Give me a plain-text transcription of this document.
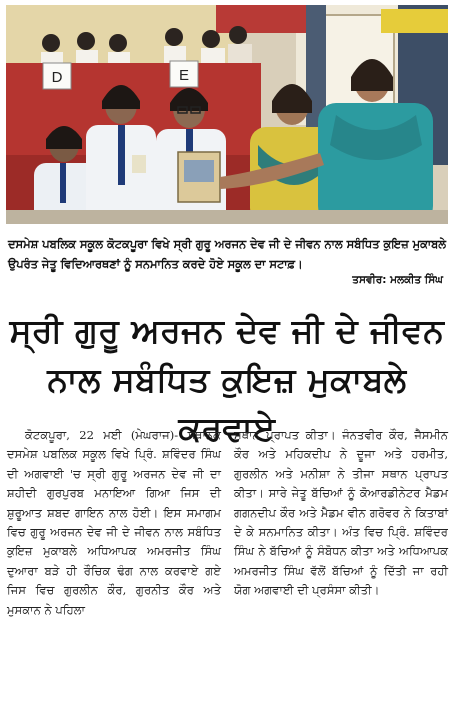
D	E
ਦਸਮੇਸ਼ ਪਬਲਿਕ ਸਕੂਲ ਕੋਟਕਪੂਰਾ ਵਿਖੇ ਸ੍ਰੀ ਗੁਰੂ ਅਰਜਨ ਦੇਵ ਜੀ ਦੇ ਜੀਵਨ ਨਾਲ ਸਬੰਧਿਤ ਕੁਇਜ਼ ਮੁਕਾਬਲੇ ਉਪਰੰਤ ਜੇਤੂ ਵਿਦਿਆਰਥਣਾਂ ਨੂੰ ਸਨਮਾਨਿਤ ਕਰਦੇ ਹੋਏ ਸਕੂਲ ਦਾ ਸਟਾਫ਼।
ਤਸਵੀਰ: ਮਲਕੀਤ ਸਿੰਘ
ਸ੍ਰੀ ਗੁਰੂ ਅਰਜਨ ਦੇਵ ਜੀ ਦੇ ਜੀਵਨ ਨਾਲ ਸਬੰਧਿਤ ਕੁਇਜ਼ ਮੁਕਾਬਲੇ ਕਰਵਾਏ
ਕੋਟਕਪੂਰਾ, 22 ਮਈ (ਮੇਘਰਾਜ)- ਸਥਾਨਕ ਦਸਮੇਸ਼ ਪਬਲਿਕ ਸਕੂਲ ਵਿਖੇ ਪ੍ਰਿੰ. ਸ਼ਵਿੰਦਰ ਸਿੰਘ ਦੀ ਅਗਵਾਈ 'ਚ ਸ੍ਰੀ ਗੁਰੂ ਅਰਜਨ ਦੇਵ ਜੀ ਦਾ ਸ਼ਹੀਦੀ ਗੁਰਪੁਰਬ ਮਨਾਇਆ ਗਿਆ ਜਿਸ ਦੀ ਸ਼ੁਰੂਆਤ ਸ਼ਬਦ ਗਾਇਨ ਨਾਲ ਹੋਈ। ਇਸ ਸਮਾਗਮ ਵਿਚ ਗੁਰੂ ਅਰਜਨ ਦੇਵ ਜੀ ਦੇ ਜੀਵਨ ਨਾਲ ਸਬੰਧਿਤ ਕੁਇਜ਼ ਮੁਕਾਬਲੇ ਅਧਿਆਪਕ ਅਮਰਜੀਤ ਸਿੰਘ ਦੁਆਰਾ ਬੜੇ ਹੀ ਰੌਚਿਕ ਢੰਗ ਨਾਲ ਕਰਵਾਏ ਗਏ ਜਿਸ ਵਿਚ ਗੁਰਲੀਨ ਕੌਰ, ਗੁਰਨੀਤ ਕੌਰ ਅਤੇ ਮੁਸਕਾਨ ਨੇ ਪਹਿਲਾ
ਸਥਾਨ ਪ੍ਰਾਪਤ ਕੀਤਾ। ਜੰਨਤਵੀਰ ਕੌਰ, ਜੈਸਮੀਨ ਕੌਰ ਅਤੇ ਮਹਿਕਦੀਪ ਨੇ ਦੂਜਾ ਅਤੇ ਹਰਮੀਤ, ਗੁਰਲੀਨ ਅਤੇ ਮਨੀਸ਼ਾ ਨੇ ਤੀਜਾ ਸਥਾਨ ਪ੍ਰਾਪਤ ਕੀਤਾ। ਸਾਰੇ ਜੇਤੂ ਬੱਚਿਆਂ ਨੂੰ ਕੋਆਰਡੀਨੇਟਰ ਮੈਡਮ ਗਗਨਦੀਪ ਕੌਰ ਅਤੇ ਮੈਡਮ ਵੀਨ ਗਰੋਵਰ ਨੇ ਕਿਤਾਬਾਂ ਦੇ ਕੇ ਸਨਮਾਨਿਤ ਕੀਤਾ। ਅੰਤ ਵਿਚ ਪ੍ਰਿੰ. ਸ਼ਵਿੰਦਰ ਸਿੰਘ ਨੇ ਬੱਚਿਆਂ ਨੂੰ ਸੰਬੋਧਨ ਕੀਤਾ ਅਤੇ ਅਧਿਆਪਕ ਅਮਰਜੀਤ ਸਿੰਘ ਵੱਲੋਂ ਬੱਚਿਆਂ ਨੂੰ ਦਿੱਤੀ ਜਾ ਰਹੀ ਯੋਗ ਅਗਵਾਈ ਦੀ ਪ੍ਰਸੰਸਾ ਕੀਤੀ।
